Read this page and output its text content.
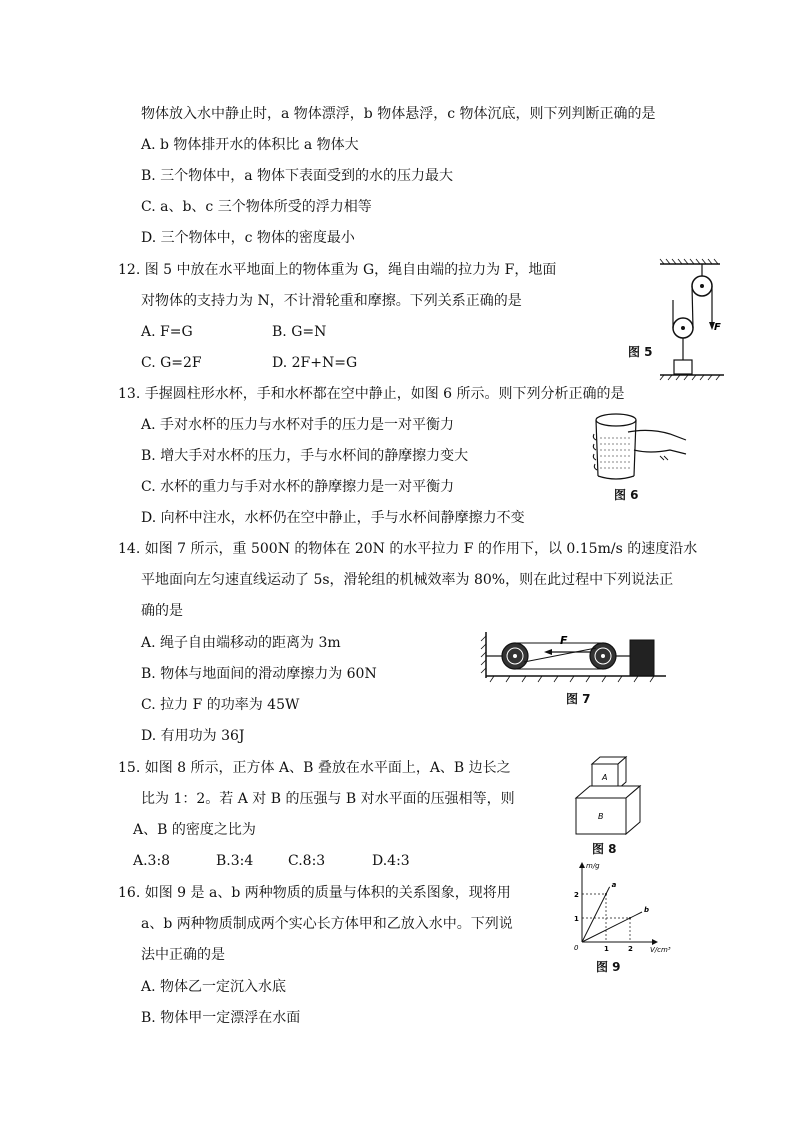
物体放入水中静止时，a 物体漂浮，b 物体悬浮，c 物体沉底，则下列判断正确的是
A. b 物体排开水的体积比 a 物体大
B. 三个物体中，a 物体下表面受到的水的压力最大
C. a、b、c 三个物体所受的浮力相等
D. 三个物体中，c 物体的密度最小
12. 图 5 中放在水平地面上的物体重为 G，绳自由端的拉力为 F，地面
对物体的支持力为 N，不计滑轮重和摩擦。下列关系正确的是
A. F=G	B. G=N
C. G=2F	D. 2F+N=G
F
图 5
13. 手握圆柱形水杯，手和水杯都在空中静止，如图 6 所示。则下列分析正确的是
A. 手对水杯的压力与水杯对手的压力是一对平衡力
B. 增大手对水杯的压力，手与水杯间的静摩擦力变大
C. 水杯的重力与手对水杯的静摩擦力是一对平衡力
D. 向杯中注水，水杯仍在空中静止，手与水杯间静摩擦力不变
图 6
14. 如图 7 所示，重 500N 的物体在 20N 的水平拉力 F 的作用下，以 0.15m/s 的速度沿水
平地面向左匀速直线运动了 5s，滑轮组的机械效率为 80%，则在此过程中下列说法正
确的是
A. 绳子自由端移动的距离为 3m
B. 物体与地面间的滑动摩擦力为 60N
C. 拉力 F 的功率为 45W
D. 有用功为 36J
F
图 7
15. 如图 8 所示，正方体 A、B 叠放在水平面上，A、B 边长之
比为 1：2。若 A 对 B 的压强与 B 对水平面的压强相等，则
A、B 的密度之比为
A.3:8	B.3:4 C.8:3	D.4:3
A
B
图 8
16. 如图 9 是 a、b 两种物质的质量与体积的关系图象，现将用
a、b 两种物质制成两个实心长方体甲和乙放入水中。下列说
法中正确的是
A. 物体乙一定沉入水底
B. 物体甲一定漂浮在水面
m/g
V/cm³
0	1	2
1
2
a
b
图 9
